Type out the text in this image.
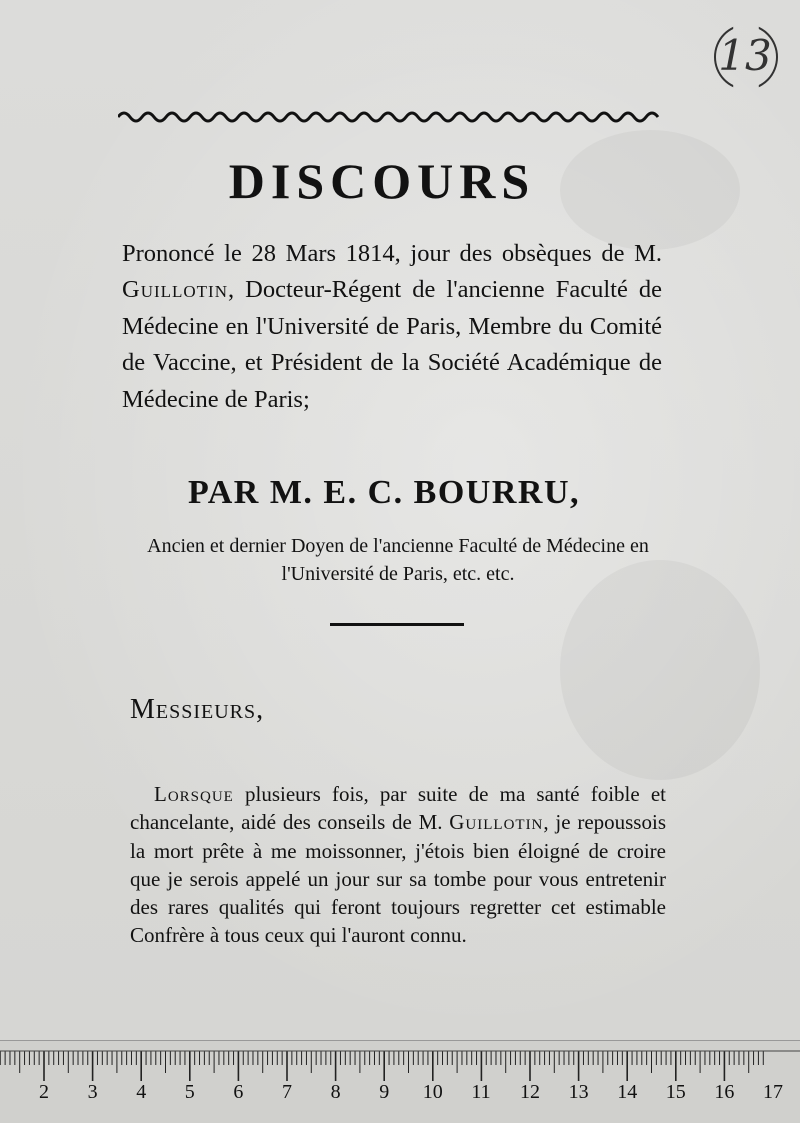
13
DISCOURS
Prononcé le 28 Mars 1814, jour des obsèques de M. Guillotin, Docteur-Régent de l'ancienne Faculté de Médecine en l'Université de Paris, Membre du Comité de Vaccine, et Président de la Société Académique de Médecine de Paris;
PAR M. E. C. BOURRU,
Ancien et dernier Doyen de l'ancienne Faculté de Médecine en l'Université de Paris, etc. etc.
Messieurs,
Lorsque plusieurs fois, par suite de ma santé foible et chancelante, aidé des conseils de M. Guillotin, je repoussois la mort prête à me moissonner, j'étois bien éloigné de croire que je serois appelé un jour sur sa tombe pour vous entretenir des rares qualités qui feront toujours regretter cet estimable Confrère à tous ceux qui l'auront connu.
2 3 4 5 6 7 8 9 10 11 12 13 14 15 16 17
